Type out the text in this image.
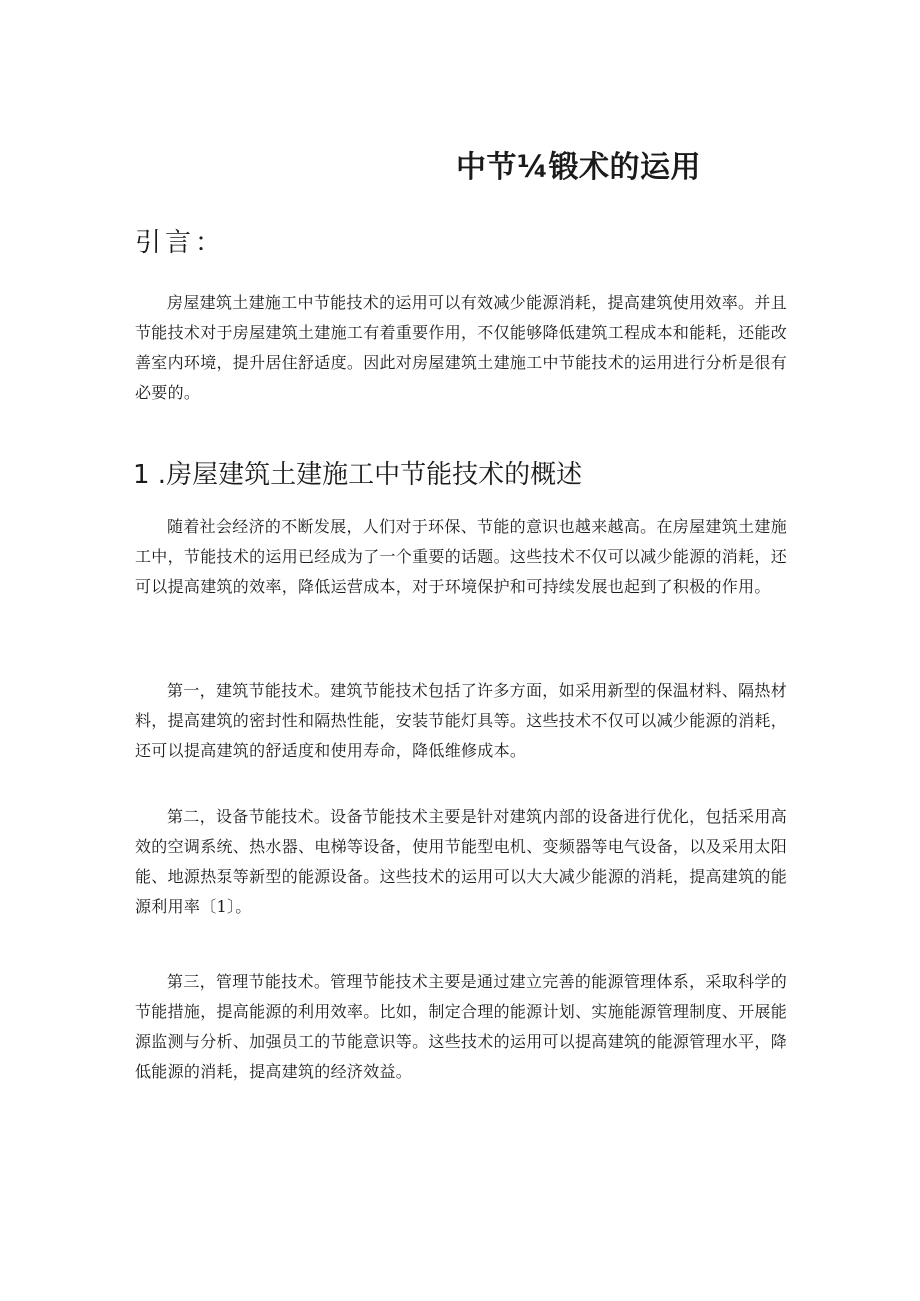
中节¼锻术的运用
引言：

房屋建筑土建施工中节能技术的运用可以有效减少能源消耗，提高建筑使用效率。并且节能技术对于房屋建筑土建施工有着重要作用，不仅能够降低建筑工程成本和能耗，还能改善室内环境，提升居住舒适度。因此对房屋建筑土建施工中节能技术的运用进行分析是很有必要的。

1 .房屋建筑土建施工中节能技术的概述

随着社会经济的不断发展，人们对于环保、节能的意识也越来越高。在房屋建筑土建施工中，节能技术的运用已经成为了一个重要的话题。这些技术不仅可以减少能源的消耗，还可以提高建筑的效率，降低运营成本，对于环境保护和可持续发展也起到了积极的作用。

第一，建筑节能技术。建筑节能技术包括了许多方面，如采用新型的保温材料、隔热材料，提高建筑的密封性和隔热性能，安装节能灯具等。这些技术不仅可以减少能源的消耗，还可以提高建筑的舒适度和使用寿命，降低维修成本。

第二，设备节能技术。设备节能技术主要是针对建筑内部的设备进行优化，包括采用高效的空调系统、热水器、电梯等设备，使用节能型电机、变频器等电气设备，以及采用太阳能、地源热泵等新型的能源设备。这些技术的运用可以大大减少能源的消耗，提高建筑的能源利用率〔1〕。

第三，管理节能技术。管理节能技术主要是通过建立完善的能源管理体系，采取科学的节能措施，提高能源的利用效率。比如，制定合理的能源计划、实施能源管理制度、开展能源监测与分析、加强员工的节能意识等。这些技术的运用可以提高建筑的能源管理水平，降低能源的消耗，提高建筑的经济效益。
